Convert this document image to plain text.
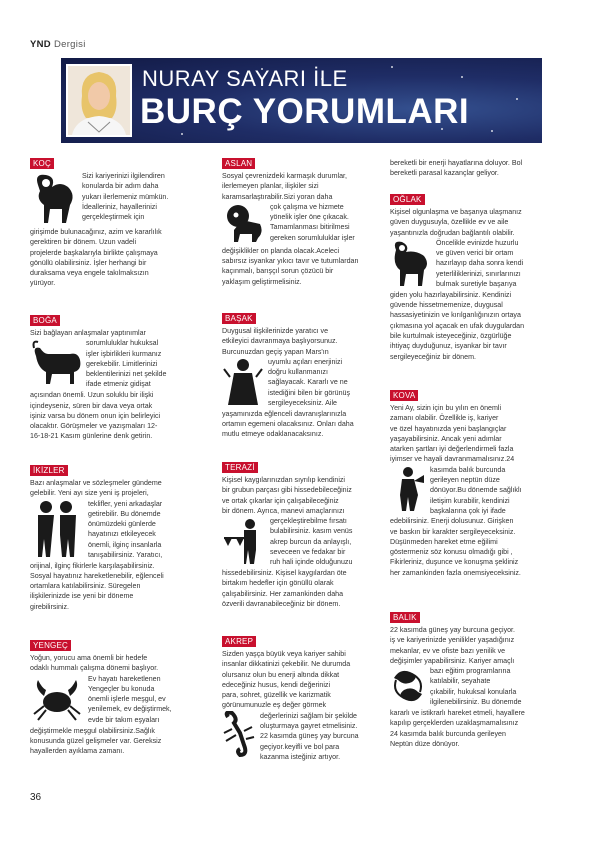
YND Dergisi
NURAY SAYARI İLE
BURÇ YORUMLARI
KOÇ

Sizi kariyerinizi ilgilendiren

konularda bir adım daha

yukarı ilerlemeniz mümkün.

İdealleriniz, hayallerinizi

gerçekleştirmek için

girişimde bulunacağınız, azim ve kararlılık

gerektiren bir dönem. Uzun vadeli

projelerde başkalarıyla birlikte çalışmaya

gönüllü olabilirsiniz. İşler herhangi bir

duraksama veya engele takılmaksızın

yürüyor.

BOĞA

Sizi bağlayan anlaşmalar yaptınımlar

sorumluluklar hukuksal

işler işbirlikleri kurmanız

gerekebilir. Limitlerinizi

beklentilerinizi net şekilde

ifade etmeniz gidişat

açısından önemli. Uzun soluklu bir ilişki

içindeyseniz, süren bir dava veya ortak

işiniz varsa bu dönem onun için belirleyici

olacaktır. Görüşmeler ve yazışmaları 12-

16-18-21 Kasım günlerine denk getirin.

İKİZLER

Bazı anlaşmalar ve sözleşmeler gündeme

gelebilir. Yeni ayı size yeni iş projeleri,

teklifler, yeni arkadaşlar

getirebilir. Bu dönemde

önümüzdeki günlerde

hayatınızı etkileyecek

önemli, ilginç insanlarla

tanışabilirsiniz. Yaratıcı,

orijinal, ilginç fikirlerle karşılaşabilirsiniz.

Sosyal hayatınız hareketlenebilir, eğlenceli

ortamlara katılabilirsiniz. Süregelen

ilişkilerinizde ise yeni bir döneme

girebilirsiniz.

YENGEÇ

Yoğun, yorucu ama önemli bir hedefe

odaklı hummalı çalışma dönemi başlıyor.

Ev hayatı hareketlenen

Yengeçler bu konuda

önemli işlerle meşgul, ev

yenilemek, ev değiştirmek,

evde bir takım eşyaları

değiştirmekle meşgul olabilirsiniz.Sağlık

konusunda güzel gelişmeler var. Gereksiz

hayallerden ayıklama zamanı.

ASLAN

Sosyal çevrenizdeki karmaşık durumlar,

ilerlemeyen planlar, ilişkiler sizi

karamsarlaştırabilir.Sizi yoran daha

çok çalışma ve hizmete

yönelik işler öne çıkacak.

Tamamlanması bitirilmesi

gereken sorumluluklar işler

değişiklikler on planda olacak.Aceleci

sabırsız isyankar yıkıcı tavır ve tutumlardan

kaçınmalı, barışçıl sorun çözücü bir

yaklaşım geliştirmelisiniz.

BAŞAK

Duygusal ilişkilerinizde yaratıcı ve

etkileyici davranmaya başlıyorsunuz.

Burcunuzdan geçiş yapan Mars'ın

uyumlu açıları enerjinizi

doğru kullanmanızı

sağlayacak. Kararlı ve ne

istediğini bilen bir görünüş

sergileyeceksiniz. Aile

yaşamınızda eğlenceli davranışlarınızla

ortamın egemeni olacaksınız. Onları daha

mutlu etmeye odaklanacaksınız.

TERAZİ

Kişisel kaygılarınızdan sıyrılıp kendinizi

bir grubun parçası gibi hissedebileceğiniz

ve ortak çıkarlar için çalışabileceğiniz

bir dönem. Ayrıca, manevi amaçlarınızı

gerçekleştirebilme fırsatı

bulabilirsiniz. kasım venüs

akrep burcun da anlayışlı,

seveceen ve fedakar bir

ruh hali içinde olduğunuzu

hissedebilirsiniz. Kişisel kaygılardan öte

birtakım hedefler için gönüllü olarak

çalışabilirsiniz. Her zamankinden daha

özverili davranabileceğiniz bir dönem.

AKREP

Sizden yaşça büyük veya kariyer sahibi

insanlar dikkatinizi çekebilir. Ne durumda

olursanız olun bu enerji altında dikkat

edeceğiniz husus, kendi değerinizi

para, sohret, güzellik ve karizmatik

görünumunuzle eş değer görmek

değerlerinizi sağlam bir şekilde

oluşturmaya gayret etmelisiniz.

22 kasımda güneş yay burcuna

geçiyor.keyifli ve bol para

kazanma isteğiniz artıyor.

bereketli bir enerji hayatlarına doluyor. Bol

bereketli parasal kazançlar geliyor.

OĞLAK

Kişisel olgunlaşma ve başarıya ulaşmanız

güven duygusuyla, özellikle ev ve aile

yaşantınızla doğrudan bağlantılı olabilir.

Öncelikle evinizde huzurlu

ve güven verici bir ortam

hazırlayıp daha sonra kendi

yeterliliklerinizi, sınırlarınızı

bulmak suretiyle başarıya

giden yolu hazırlayabilirsiniz. Kendinizi

güvende hissetmemenize, duygusal

hassasiyetinizin ve kırılganlığınızın ortaya

çıkmasına yol açacak en ufak duygulardan

bile kurtulmak isteyeceğiniz, özgürlüğe

ihtiyaç duyduğunuz, isyankar bir tavır

sergileyeceğiniz bir dönem.

KOVA

Yeni Ay, sizin için bu yılın en önemli

zamanı olabilir. Özellikle iş, kariyer

ve özel hayatınızda yeni başlangıçlar

yaşayabilirsiniz. Ancak yeni adımlar

atarken şartları iyi değerlendirmeli fazla

iyimser ve hayali davranmamalısınız.24

kasımda balık burcunda

gerileyen neptün düze

dönüyor.Bu dönemde sağlıklı

iletişim kurabilir, kendinizi

başkalarına çok iyi ifade

edebilirsiniz. Enerji dolusunuz. Girişken

ve baskın bir karakter sergileyeceksiniz.

Düşünmeden hareket etme eğilimi

göstermeniz söz konusu olmadığı gibi ,

Fikirleriniz, duşunce ve konuşma şekliniz

her zamankinden fazla onemsiyeceksiniz.

BALIK

22 kasımda güneş yay burcuna geçiyor.

iş ve kariyerinizde yenilikler yaşadığınız

mekanlar, ev ve ofiste bazı yenilik ve

değişimler yapabilirsiniz. Kariyer amaçlı

bazı eğitim programlarına

katılabilir, seyahate

çıkabilir, hukuksal konularla

ilgilenebilirsiniz. Bu dönemde

kararlı ve istikrarlı hareket etmeli, hayallere

kapılıp gerçeklerden uzaklaşmamalısınız

24 kasımda balık burcunda gerileyen

Neptün düze dönüyor.

36
